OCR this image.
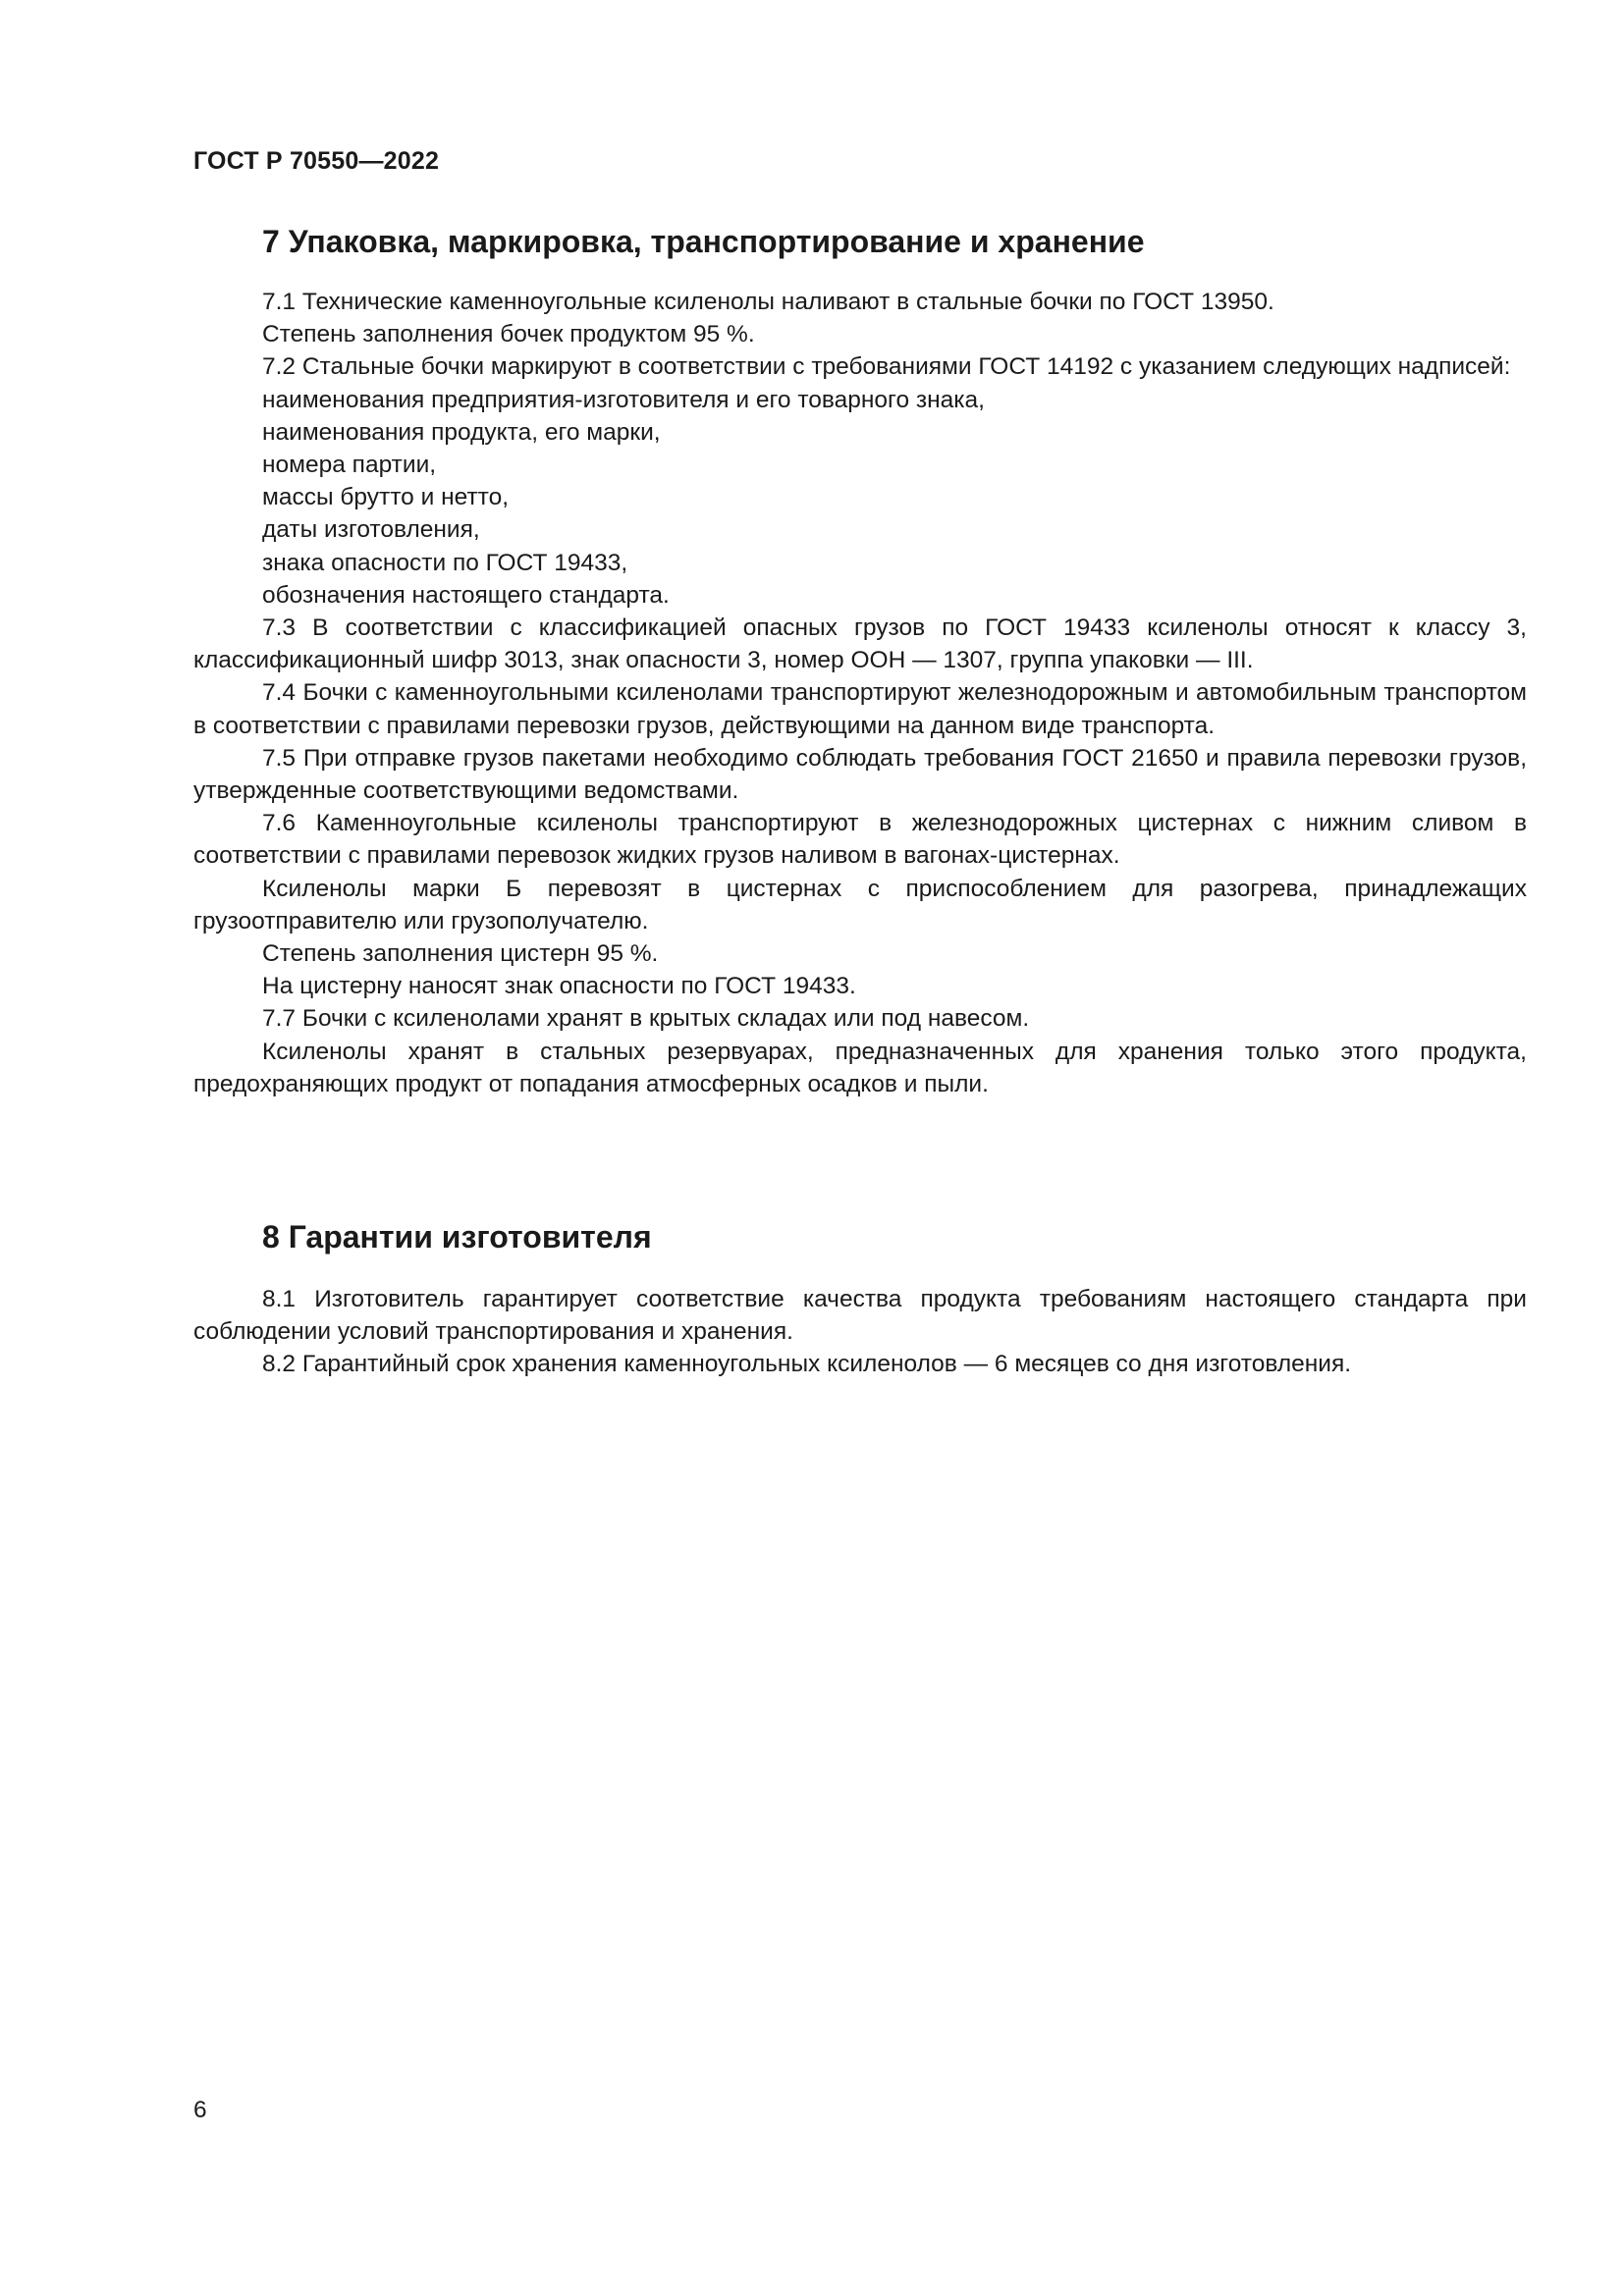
ГОСТ Р 70550—2022
7 Упаковка, маркировка, транспортирование и хранение

7.1 Технические каменноугольные ксиленолы наливают в стальные бочки по ГОСТ 13950.

Степень заполнения бочек продуктом 95 %.

7.2 Стальные бочки маркируют в соответствии с требованиями ГОСТ 14192 с указанием следующих надписей:

наименования предприятия-изготовителя и его товарного знака,

наименования продукта, его марки,

номера партии,

массы брутто и нетто,

даты изготовления,

знака опасности по ГОСТ 19433,

обозначения настоящего стандарта.

7.3 В соответствии с классификацией опасных грузов по ГОСТ 19433 ксиленолы относят к классу 3, классификационный шифр 3013, знак опасности 3, номер ООН — 1307, группа упаковки — III.

7.4 Бочки с каменноугольными ксиленолами транспортируют железнодорожным и автомобильным транспортом в соответствии с правилами перевозки грузов, действующими на данном виде транспорта.

7.5 При отправке грузов пакетами необходимо соблюдать требования ГОСТ 21650 и правила перевозки грузов, утвержденные соответствующими ведомствами.

7.6 Каменноугольные ксиленолы транспортируют в железнодорожных цистернах с нижним сливом в соответствии с правилами перевозок жидких грузов наливом в вагонах-цистернах.

Ксиленолы марки Б перевозят в цистернах с приспособлением для разогрева, принадлежащих грузоотправителю или грузополучателю.

Степень заполнения цистерн 95 %.

На цистерну наносят знак опасности по ГОСТ 19433.

7.7 Бочки с ксиленолами хранят в крытых складах или под навесом.

Ксиленолы хранят в стальных резервуарах, предназначенных для хранения только этого продукта, предохраняющих продукт от попадания атмосферных осадков и пыли.

8 Гарантии изготовителя

8.1 Изготовитель гарантирует соответствие качества продукта требованиям настоящего стандарта при соблюдении условий транспортирования и хранения.

8.2 Гарантийный срок хранения каменноугольных ксиленолов — 6 месяцев со дня изготовления.

6
